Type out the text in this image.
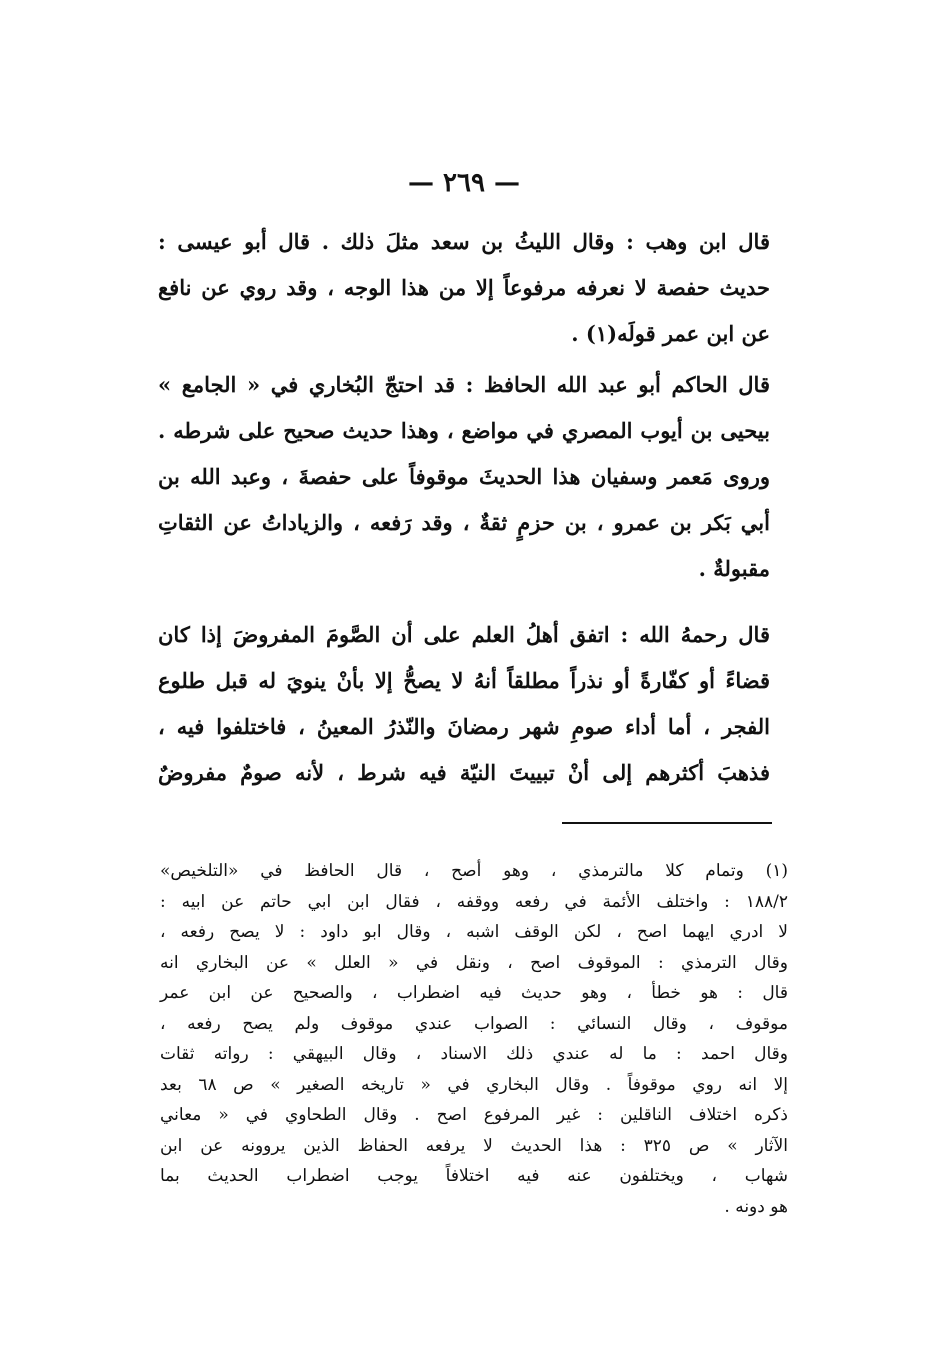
— ٢٦٩ —
قال ابن وهب : وقال الليثُ بن سعد مثلَ ذلك . قال أبو عيسى :
حديث حفصة لا نعرفه مرفوعاً إلا من هذا الوجه ، وقد روي عن نافع
عن ابن عمر قولَه(١) .
قال الحاكم أبو عبد الله الحافظ : قد احتجّ البُخاري في « الجامع »
بيحيى بن أيوب المصري في مواضع ، وهذا حديث صحيح على شرطه .
وروى مَعمر وسفيان هذا الحديثَ موقوفاً على حفصةَ ، وعبد الله بن
أبي بَكر بن عمرو ، بن حزمٍ ثقةٌ ، وقد رَفعه ، والزياداتُ عن الثقاتِ
مقبولةٌ .
قال رحمهُ الله : اتفق أهلُ العلم على أن الصَّومَ المفروضَ إذا كان
قضاءً أو كفّارةً أو نذراً مطلقاً أنهُ لا يصحُّ إلا بأنْ ينويَ له قبل طلوع
الفجر ، أما أداء صومِ شهر رمضانَ والنّذرُ المعينُ ، فاختلفوا فيه ،
فذهبَ أكثرهم إلى أنْ تبييتَ النيّة فيه شرط ، لأنه صومٌ مفروضٌ
(١) وتمام كلا مالترمذي ، وهو أصح ، قال الحافظ في «التلخيص»
١٨٨/٢ : واختلف الأئمة في رفعه ووقفه ، فقال ابن ابي حاتم عن ابيه :
لا ادري ايهما اصح ، لكن الوقف اشبه ، وقال ابو داود : لا يصح رفعه ،
وقال الترمذي : الموقوف اصح ، ونقل في « العلل » عن البخاري انه
قال : هو خطأ ، وهو حديث فيه اضطراب ، والصحيح عن ابن عمر
موقوف ، وقال النسائي : الصواب عندي موقوف ولم يصح رفعه ،
وقال احمد : ما له عندي ذلك الاسناد ، وقال البيهقي : رواته ثقات
إلا انه روي موقوفاً . وقال البخاري في « تاريخه الصغير » ص ٦٨ بعد
ذكره اختلاف الناقلين : غير المرفوع اصح . وقال الطحاوي في « معاني
الآثار » ص ٣٢٥ : هذا الحديث لا يرفعه الحفاظ الذين يروونه عن ابن
شهاب ، ويختلفون عنه فيه اختلافاً يوجب اضطراب الحديث بما
هو دونه .
